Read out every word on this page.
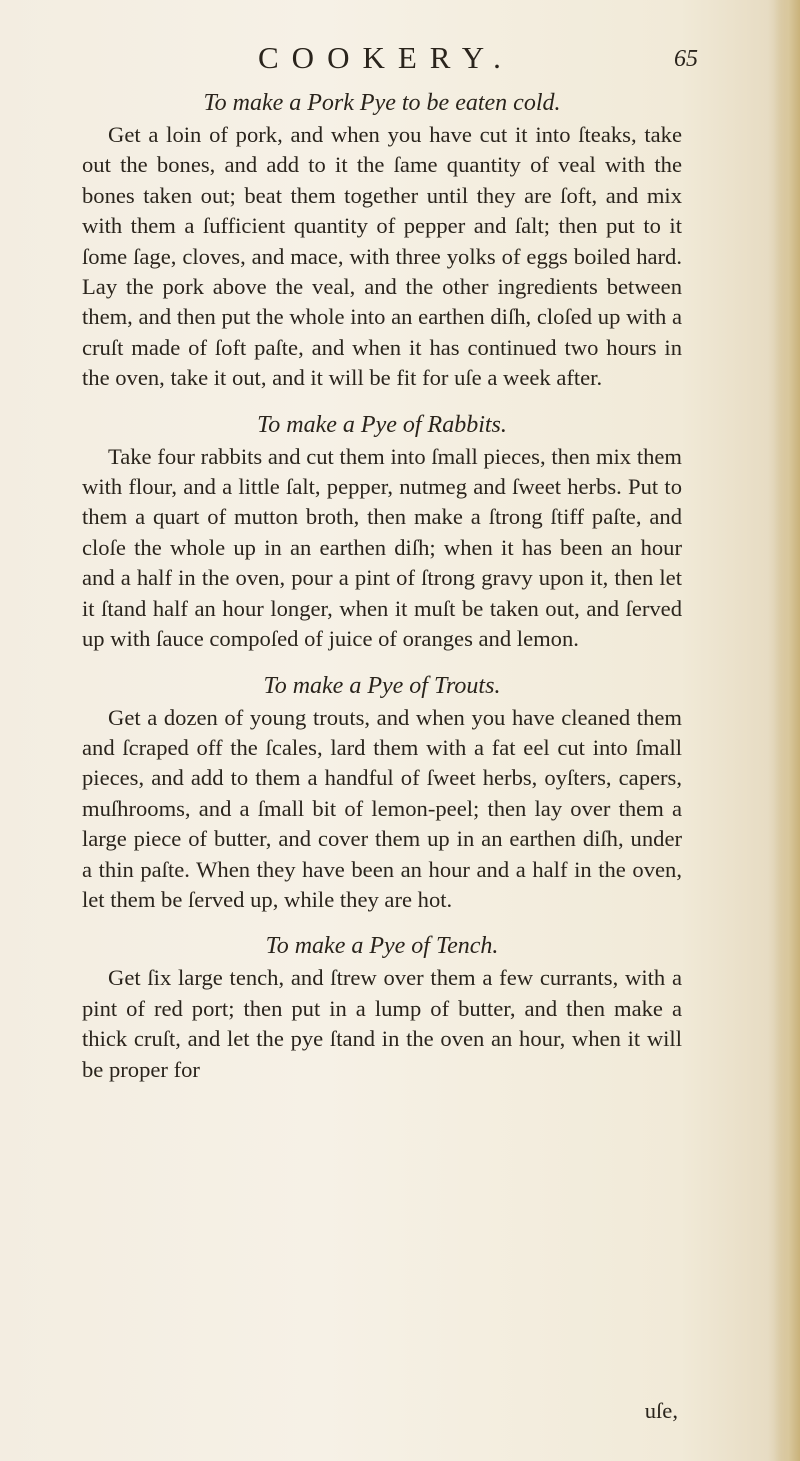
COOKERY.	65
To make a Pork Pye to be eaten cold.

Get a loin of pork, and when you have cut it into ſteaks, take out the bones, and add to it the ſame quantity of veal with the bones taken out; beat them together until they are ſoft, and mix with them a ſufficient quantity of pepper and ſalt; then put to it ſome ſage, cloves, and mace, with three yolks of eggs boiled hard. Lay the pork above the veal, and the other ingredients between them, and then put the whole into an earthen diſh, cloſed up with a cruſt made of ſoft paſte, and when it has continued two hours in the oven, take it out, and it will be fit for uſe a week after.

To make a Pye of Rabbits.

Take four rabbits and cut them into ſmall pieces, then mix them with flour, and a little ſalt, pepper, nutmeg and ſweet herbs. Put to them a quart of mutton broth, then make a ſtrong ſtiff paſte, and cloſe the whole up in an earthen diſh; when it has been an hour and a half in the oven, pour a pint of ſtrong gravy upon it, then let it ſtand half an hour longer, when it muſt be taken out, and ſerved up with ſauce compoſed of juice of oranges and lemon.

To make a Pye of Trouts.

Get a dozen of young trouts, and when you have cleaned them and ſcraped off the ſcales, lard them with a fat eel cut into ſmall pieces, and add to them a handful of ſweet herbs, oyſters, capers, muſhrooms, and a ſmall bit of lemon-peel; then lay over them a large piece of butter, and cover them up in an earthen diſh, under a thin paſte. When they have been an hour and a half in the oven, let them be ſerved up, while they are hot.

To make a Pye of Tench.

Get ſix large tench, and ſtrew over them a few currants, with a pint of red port; then put in a lump of butter, and then make a thick cruſt, and let the pye ſtand in the oven an hour, when it will be proper for

uſe,
